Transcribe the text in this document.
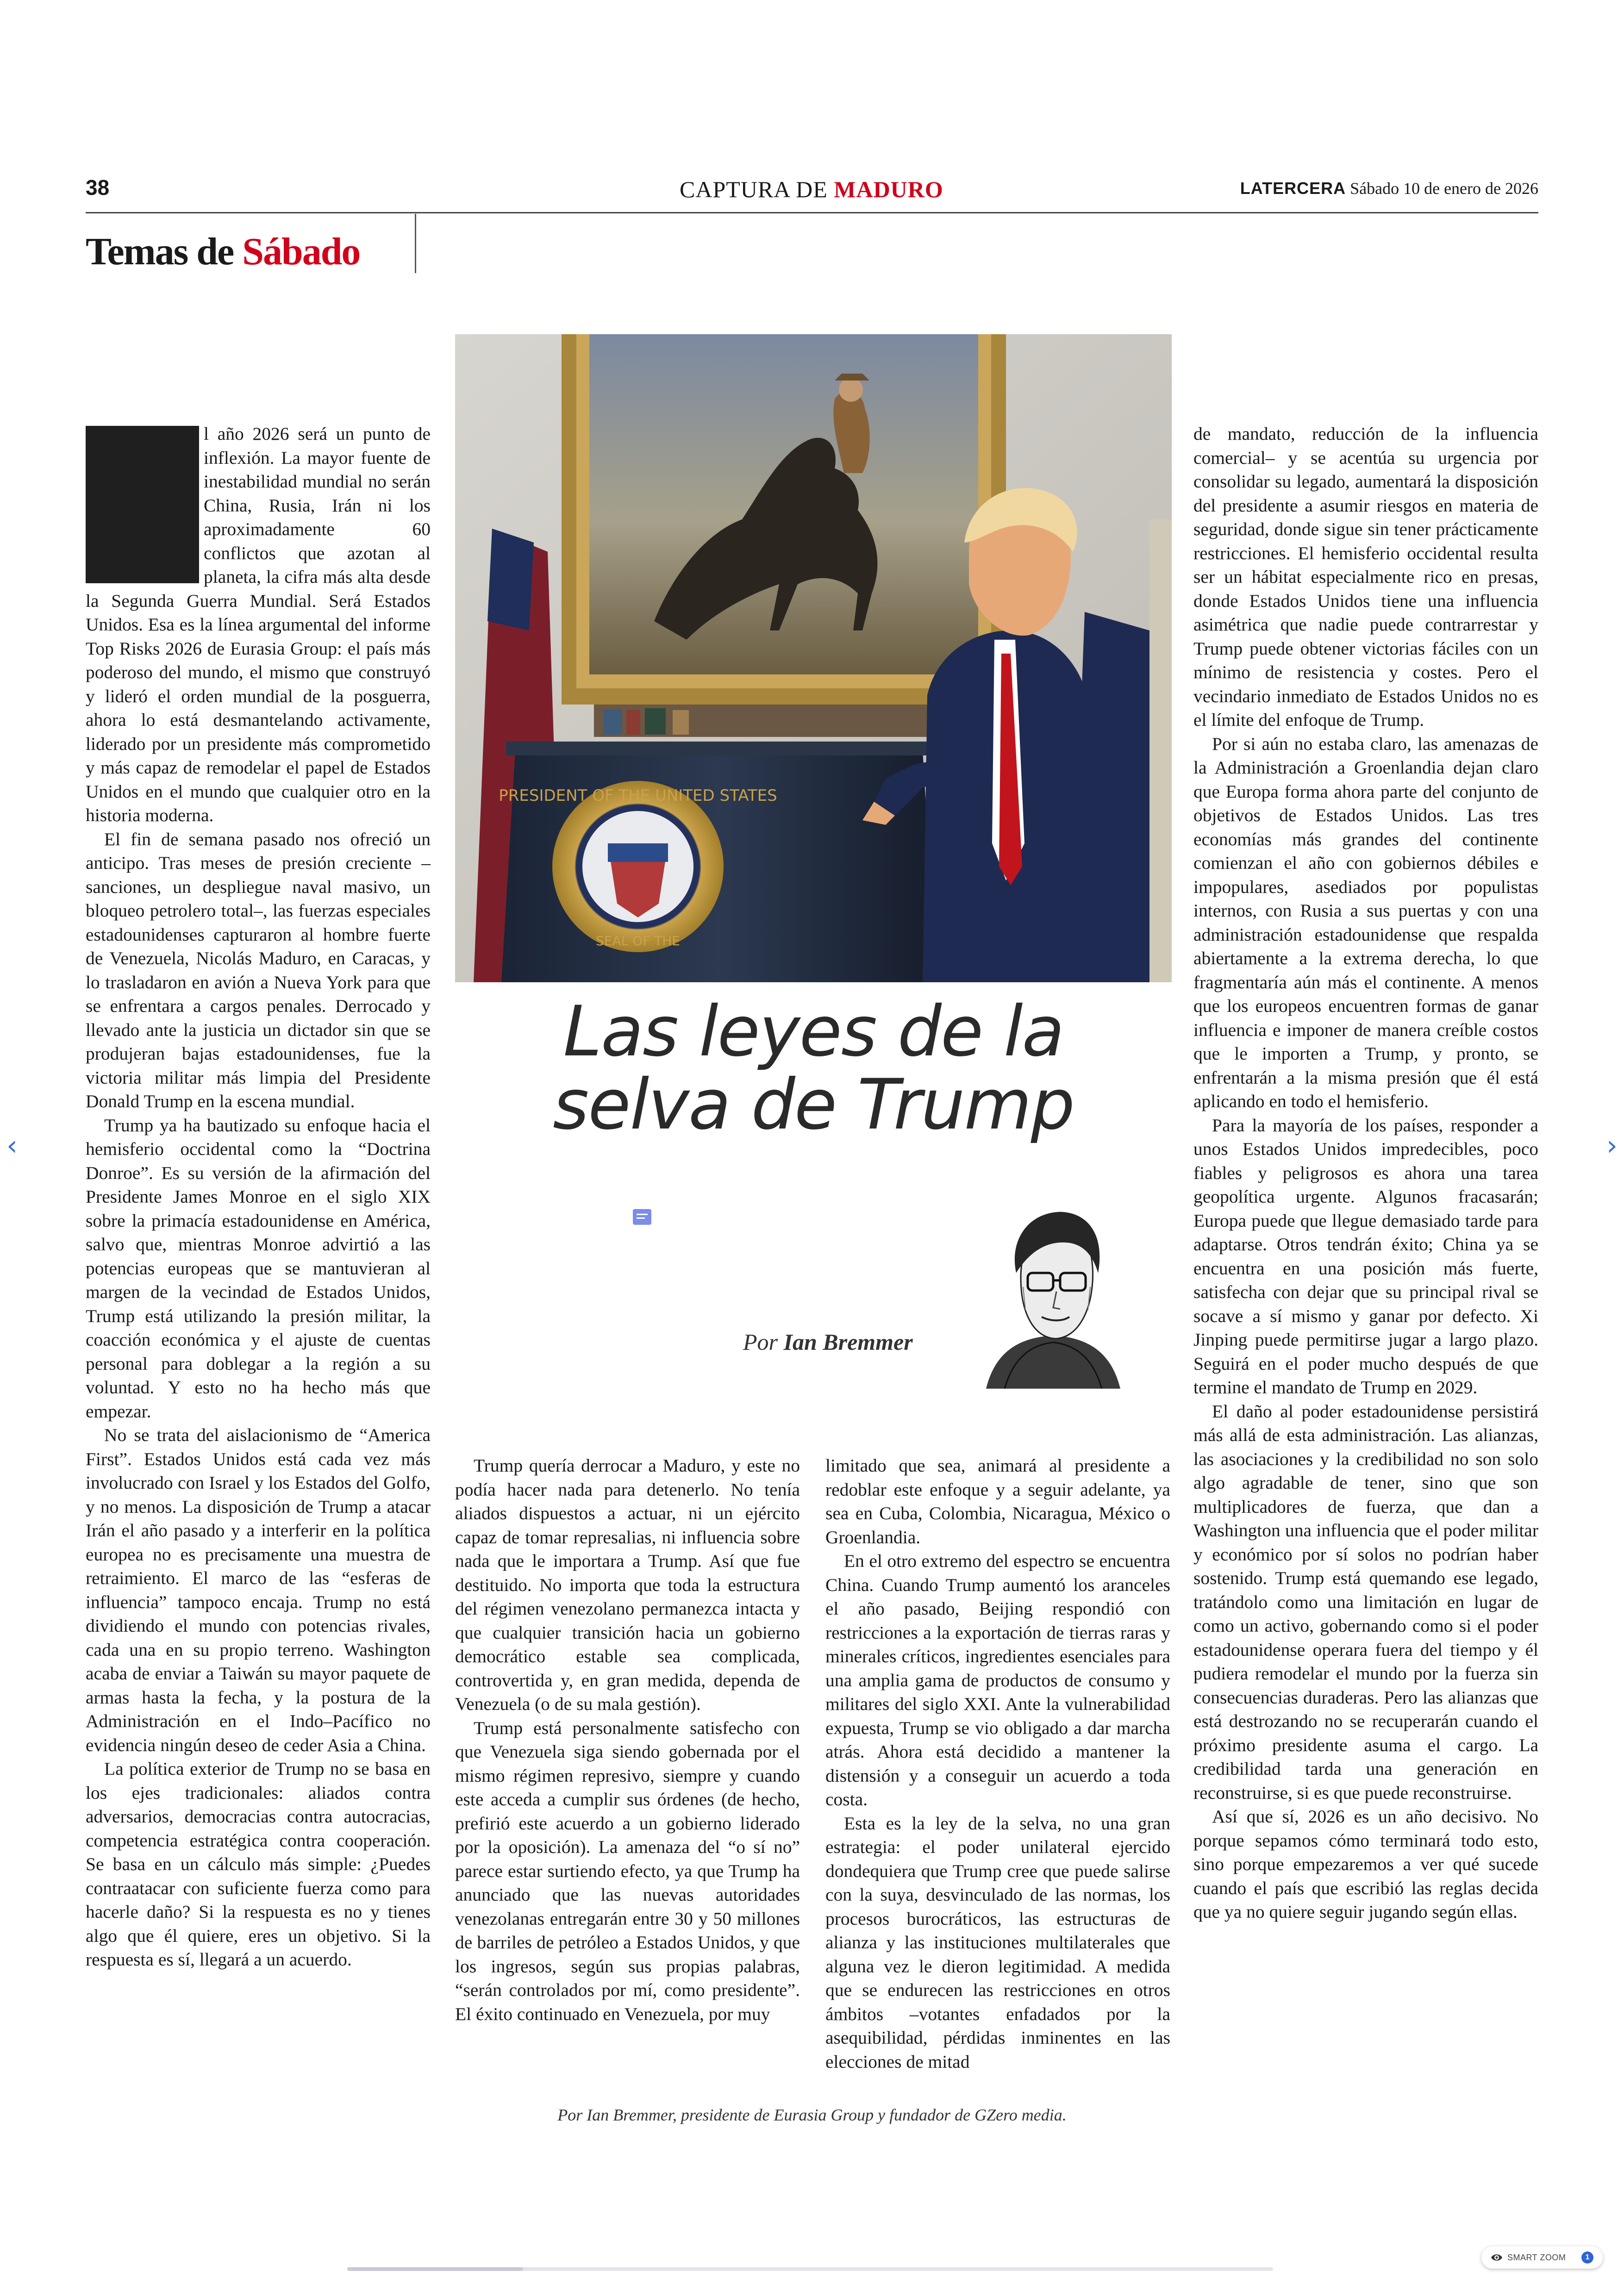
38	CAPTURA DE MADURO	LATERCERA Sábado 10 de enero de 2026
Temas de Sábado
PRESIDENT OF THE UNITED STATES
SEAL OF THE
Las leyes de la
selva de Trump
Por Ian Bremmer
E	l año 2026 será un punto de inflexión. La mayor fuente de inestabilidad mundial no serán China, Rusia, Irán ni los aproximadamente 60 conflictos que azotan al planeta, la cifra más alta desde la Segunda Guerra Mundial. Será Estados Unidos. Esa es la línea argumental del informe Top Risks 2026 de Eurasia Group: el país más poderoso del mundo, el mismo que construyó y lideró el orden mundial de la posguerra, ahora lo está desmantelando activamente, liderado por un presidente más comprometido y más capaz de remodelar el papel de Estados Unidos en el mundo que cualquier otro en la historia moderna.

El fin de semana pasado nos ofreció un anticipo. Tras meses de presión creciente –sanciones, un despliegue naval masivo, un bloqueo petrolero total–, las fuerzas especiales estadounidenses capturaron al hombre fuerte de Venezuela, Nicolás Maduro, en Caracas, y lo trasladaron en avión a Nueva York para que se enfrentara a cargos penales. Derrocado y llevado ante la justicia un dictador sin que se produjeran bajas estadounidenses, fue la victoria militar más limpia del Presidente Donald Trump en la escena mundial.

Trump ya ha bautizado su enfoque hacia el hemisferio occidental como la “Doctrina Donroe”. Es su versión de la afirmación del Presidente James Monroe en el siglo XIX sobre la primacía estadounidense en América, salvo que, mientras Monroe advirtió a las potencias europeas que se mantuvieran al margen de la vecindad de Estados Unidos, Trump está utilizando la presión militar, la coacción económica y el ajuste de cuentas personal para doblegar a la región a su voluntad. Y esto no ha hecho más que empezar.

No se trata del aislacionismo de “America First”. Estados Unidos está cada vez más involucrado con Israel y los Estados del Golfo, y no menos. La disposición de Trump a atacar Irán el año pasado y a interferir en la política europea no es precisamente una muestra de retraimiento. El marco de las “esferas de influencia” tampoco encaja. Trump no está dividiendo el mundo con potencias rivales, cada una en su propio terreno. Washington acaba de enviar a Taiwán su mayor paquete de armas hasta la fecha, y la postura de la Administración en el Indo–Pacífico no evidencia ningún deseo de ceder Asia a China.

La política exterior de Trump no se basa en los ejes tradicionales: aliados contra adversarios, democracias contra autocracias, competencia estratégica contra cooperación. Se basa en un cálculo más simple: ¿Puedes contraatacar con suficiente fuerza como para hacerle daño? Si la respuesta es no y tienes algo que él quiere, eres un objetivo. Si la respuesta es sí, llegará a un acuerdo.

Trump quería derrocar a Maduro, y este no podía hacer nada para detenerlo. No tenía aliados dispuestos a actuar, ni un ejército capaz de tomar represalias, ni influencia sobre nada que le importara a Trump. Así que fue destituido. No importa que toda la estructura del régimen venezolano permanezca intacta y que cualquier transición hacia un gobierno democrático estable sea complicada, controvertida y, en gran medida, dependa de Venezuela (o de su mala gestión).

Trump está personalmente satisfecho con que Venezuela siga siendo gobernada por el mismo régimen represivo, siempre y cuando este acceda a cumplir sus órdenes (de hecho, prefirió este acuerdo a un gobierno liderado por la oposición). La amenaza del “o sí no” parece estar surtiendo efecto, ya que Trump ha anunciado que las nuevas autoridades venezolanas entregarán entre 30 y 50 millones de barriles de petróleo a Estados Unidos, y que los ingresos, según sus propias palabras, “serán controlados por mí, como presidente”. El éxito continuado en Venezuela, por muy

limitado que sea, animará al presidente a redoblar este enfoque y a seguir adelante, ya sea en Cuba, Colombia, Nicaragua, México o Groenlandia.

En el otro extremo del espectro se encuentra China. Cuando Trump aumentó los aranceles el año pasado, Beijing respondió con restricciones a la exportación de tierras raras y minerales críticos, ingredientes esenciales para una amplia gama de productos de consumo y militares del siglo XXI. Ante la vulnerabilidad expuesta, Trump se vio obligado a dar marcha atrás. Ahora está decidido a mantener la distensión y a conseguir un acuerdo a toda costa.

Esta es la ley de la selva, no una gran estrategia: el poder unilateral ejercido dondequiera que Trump cree que puede salirse con la suya, desvinculado de las normas, los procesos burocráticos, las estructuras de alianza y las instituciones multilaterales que alguna vez le dieron legitimidad. A medida que se endurecen las restricciones en otros ámbitos –votantes enfadados por la asequibilidad, pérdidas inminentes en las elecciones de mitad

de mandato, reducción de la influencia comercial– y se acentúa su urgencia por consolidar su legado, aumentará la disposición del presidente a asumir riesgos en materia de seguridad, donde sigue sin tener prácticamente restricciones. El hemisferio occidental resulta ser un hábitat especialmente rico en presas, donde Estados Unidos tiene una influencia asimétrica que nadie puede contrarrestar y Trump puede obtener victorias fáciles con un mínimo de resistencia y costes. Pero el vecindario inmediato de Estados Unidos no es el límite del enfoque de Trump.

Por si aún no estaba claro, las amenazas de la Administración a Groenlandia dejan claro que Europa forma ahora parte del conjunto de objetivos de Estados Unidos. Las tres economías más grandes del continente comienzan el año con gobiernos débiles e impopulares, asediados por populistas internos, con Rusia a sus puertas y con una administración estadounidense que respalda abiertamente a la extrema derecha, lo que fragmentaría aún más el continente. A menos que los europeos encuentren formas de ganar influencia e imponer de manera creíble costos que le importen a Trump, y pronto, se enfrentarán a la misma presión que él está aplicando en todo el hemisferio.

Para la mayoría de los países, responder a unos Estados Unidos impredecibles, poco fiables y peligrosos es ahora una tarea geopolítica urgente. Algunos fracasarán; Europa puede que llegue demasiado tarde para adaptarse. Otros tendrán éxito; China ya se encuentra en una posición más fuerte, satisfecha con dejar que su principal rival se socave a sí mismo y ganar por defecto. Xi Jinping puede permitirse jugar a largo plazo. Seguirá en el poder mucho después de que termine el mandato de Trump en 2029.

El daño al poder estadounidense persistirá más allá de esta administración. Las alianzas, las asociaciones y la credibilidad no son solo algo agradable de tener, sino que son multiplicadores de fuerza, que dan a Washington una influencia que el poder militar y económico por sí solos no podrían haber sostenido. Trump está quemando ese legado, tratándolo como una limitación en lugar de como un activo, gobernando como si el poder estadounidense operara fuera del tiempo y él pudiera remodelar el mundo por la fuerza sin consecuencias duraderas. Pero las alianzas que está destrozando no se recuperarán cuando el próximo presidente asuma el cargo. La credibilidad tarda una generación en reconstruirse, si es que puede reconstruirse.

Así que sí, 2026 es un año decisivo. No porque sepamos cómo terminará todo esto, sino porque empezaremos a ver qué sucede cuando el país que escribió las reglas decida que ya no quiere seguir jugando según ellas.

Por Ian Bremmer, presidente de Eurasia Group y fundador de GZero media.
‹	›
SMART ZOOM	1
